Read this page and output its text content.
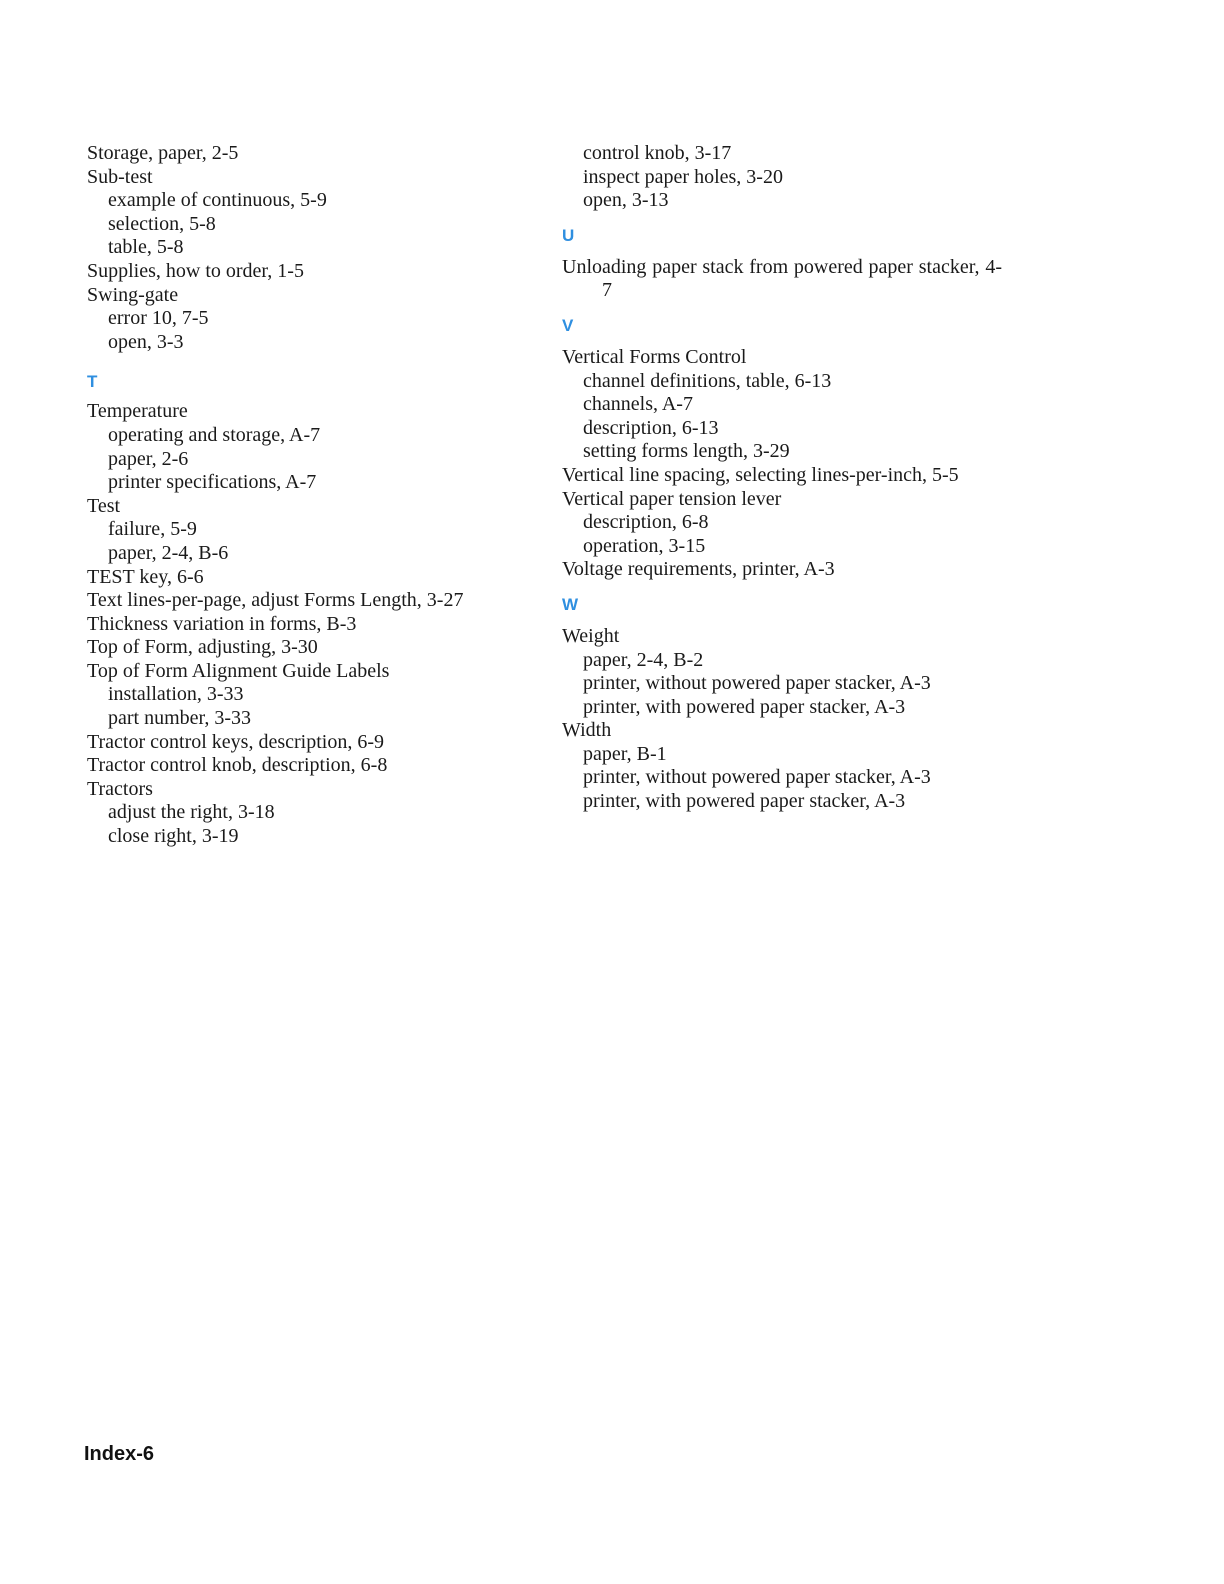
Storage, paper, 2-5
Sub-test
example of continuous, 5-9
selection, 5-8
table, 5-8
Supplies, how to order, 1-5
Swing-gate
error 10, 7-5
open, 3-3
T
Temperature
operating and storage, A-7
paper, 2-6
printer specifications, A-7
Test
failure, 5-9
paper, 2-4, B-6
TEST key, 6-6
Text lines-per-page, adjust Forms Length, 3-27
Thickness variation in forms, B-3
Top of Form, adjusting, 3-30
Top of Form Alignment Guide Labels
installation, 3-33
part number, 3-33
Tractor control keys, description, 6-9
Tractor control knob, description, 6-8
Tractors
adjust the right, 3-18
close right, 3-19
control knob, 3-17
inspect paper holes, 3-20
open, 3-13
U
Unloading paper stack from powered paper stacker, 4-7
V
Vertical Forms Control
channel definitions, table, 6-13
channels, A-7
description, 6-13
setting forms length, 3-29
Vertical line spacing, selecting lines-per-inch, 5-5
Vertical paper tension lever
description, 6-8
operation, 3-15
Voltage requirements, printer, A-3
W
Weight
paper, 2-4, B-2
printer, without powered paper stacker, A-3
printer, with powered paper stacker, A-3
Width
paper, B-1
printer, without powered paper stacker, A-3
printer, with powered paper stacker, A-3
Index-6
